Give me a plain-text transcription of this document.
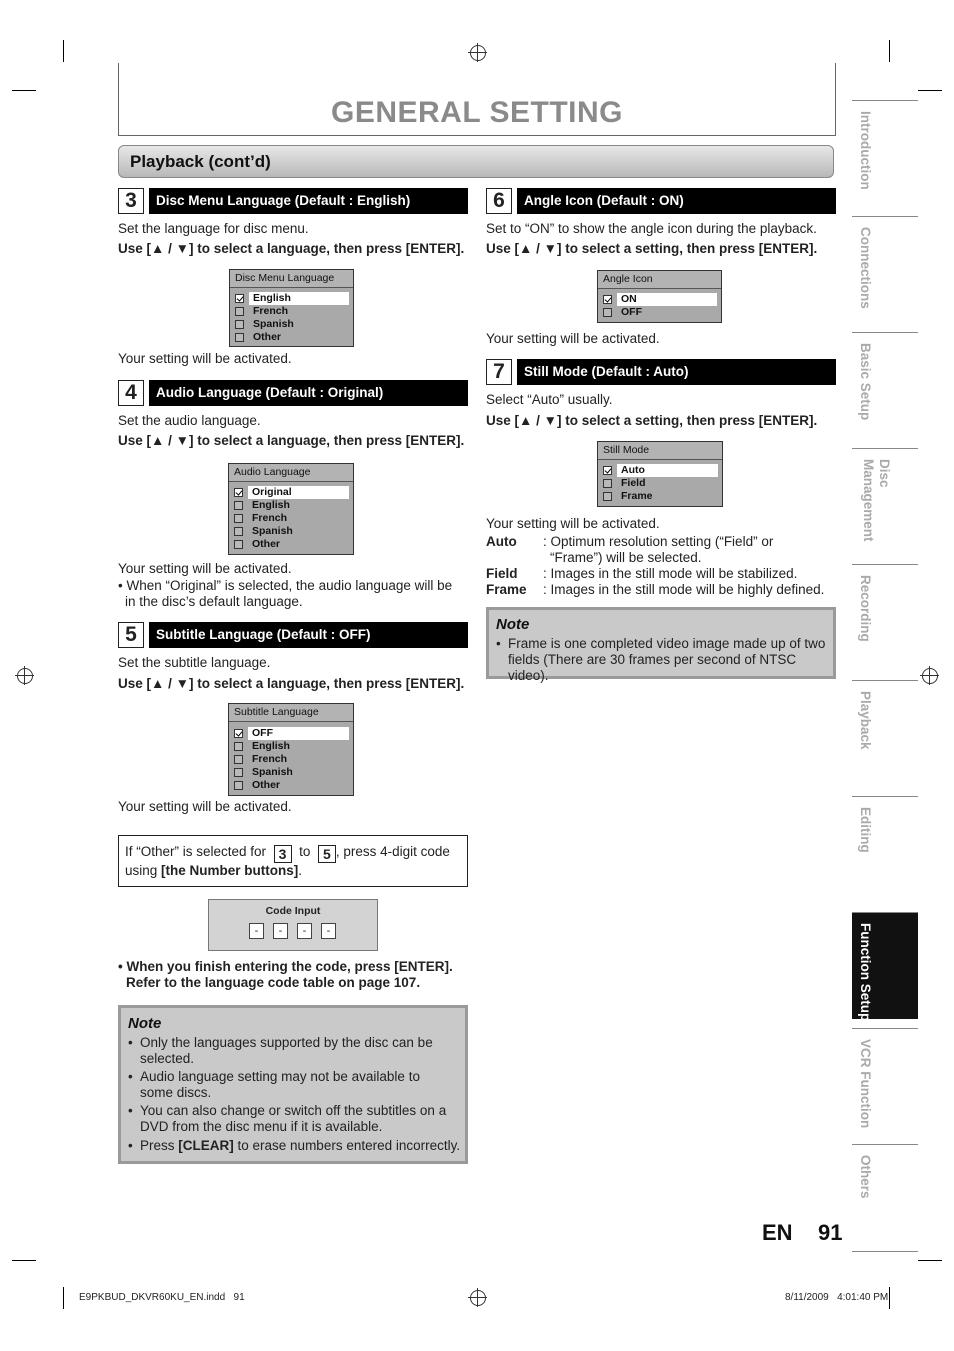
GENERAL SETTING
Playback (cont’d)
3	Disc Menu Language (Default : English)
Set the language for disc menu.
Use [▲ / ▼] to select a language, then press [ENTER].
Disc Menu Language
English
French
Spanish
Other
Your setting will be activated.
4	Audio Language (Default : Original)
Set the audio language.
Use [▲ / ▼] to select a language, then press [ENTER].
Audio Language
Original
English
French
Spanish
Other
Your setting will be activated.
• When “Original” is selected, the audio language will be
in the disc’s default language.
5	Subtitle Language (Default : OFF)
Set the subtitle language.
Use [▲ / ▼] to select a language, then press [ENTER].
Subtitle Language
OFF
English
French
Spanish
Other
Your setting will be activated.
If “Other” is selected for 3 to 5 , press 4-digit code
using [the Number buttons].
Code Input
-	-	-	-
• When you finish entering the code, press [ENTER].
Refer to the language code table on page 107.
Note
• Only the languages supported by the disc can be
selected.
• Audio language setting may not be available to
some discs.
• You can also change or switch off the subtitles on a
DVD from the disc menu if it is available.
• Press [CLEAR] to erase numbers entered incorrectly.
6	Angle Icon (Default : ON)
Set to “ON” to show the angle icon during the playback.
Use [▲ / ▼] to select a setting, then press [ENTER].
Angle Icon
ON
OFF
Your setting will be activated.
7	Still Mode (Default : Auto)
Select “Auto” usually.
Use [▲ / ▼] to select a setting, then press [ENTER].
Still Mode
Auto
Field
Frame
Your setting will be activated.
Auto : Optimum resolution setting (“Field” or
“Frame”) will be selected.
Field : Images in the still mode will be stabilized.
Frame : Images in the still mode will be highly defined.
Note
• Frame is one completed video image made up of two
fields (There are 30 frames per second of NTSC video).
Introduction
Connections
Basic Setup
Disc Management
Recording
Playback
Editing
Function Setup
VCR Function
Others
EN 91
E9PKBUD_DKVR60KU_EN.indd   91	8/11/2009   4:01:40 PM
